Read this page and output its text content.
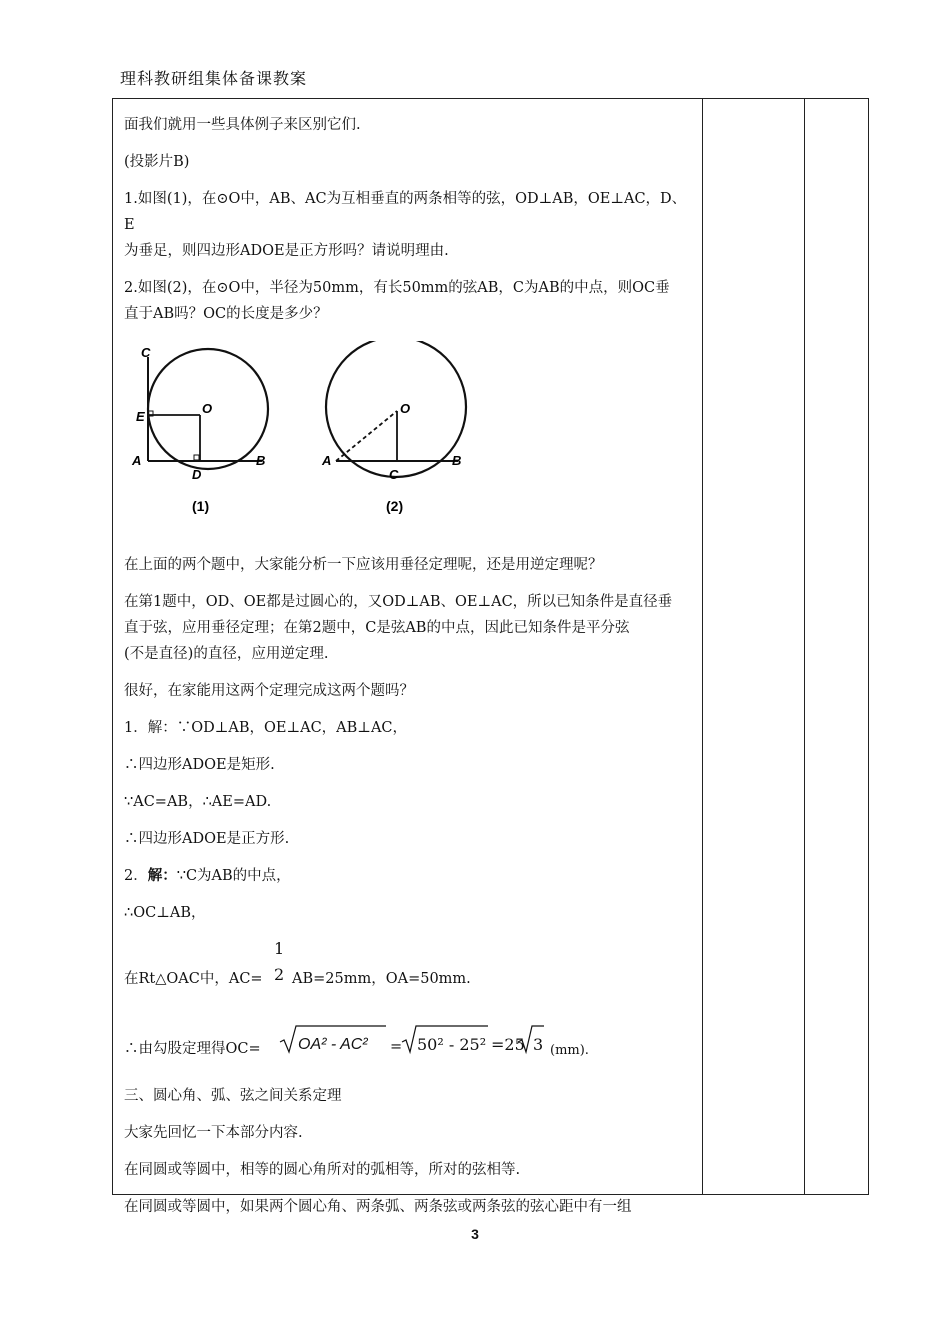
理科教研组集体备课教案

面我们就用一些具体例子来区别它们.

(投影片B)

1.如图(1)，在⊙O中，AB、AC为互相垂直的两条相等的弦，OD⊥AB，OE⊥AC，D、E

为垂足，则四边形ADOE是正方形吗？请说明理由.

2.如图(2)，在⊙O中，半径为50mm，有长50mm的弦AB，C为AB的中点，则OC垂

直于AB吗？OC的长度是多少？

C
E
O
A
D
B
(1)
O
A
C
B
(2)

在上面的两个题中，大家能分析一下应该用垂径定理呢，还是用逆定理呢？

在第1题中，OD、OE都是过圆心的，又OD⊥AB、OE⊥AC，所以已知条件是直径垂

直于弦，应用垂径定理；在第2题中，C是弦AB的中点，因此已知条件是平分弦

(不是直径)的直径，应用逆定理.

很好，在家能用这两个定理完成这两个题吗？

1．解：∵OD⊥AB，OE⊥AC，AB⊥AC，

∴四边形ADOE是矩形.

∵AC=AB，∴AE=AD.

∴四边形ADOE是正方形.

2．解：∵C为AB的中点，

∴OC⊥AB，

在Rt△OAC中，AC=
1
2 AB=25mm，OA=50mm.
∴由勾股定理得OC= OA² - AC² = 50² - 25² =25 3 (mm).

三、圆心角、弧、弦之间关系定理

大家先回忆一下本部分内容.

在同圆或等圆中，相等的圆心角所对的弧相等，所对的弦相等.

在同圆或等圆中，如果两个圆心角、两条弧、两条弦或两条弦的弦心距中有一组

3
